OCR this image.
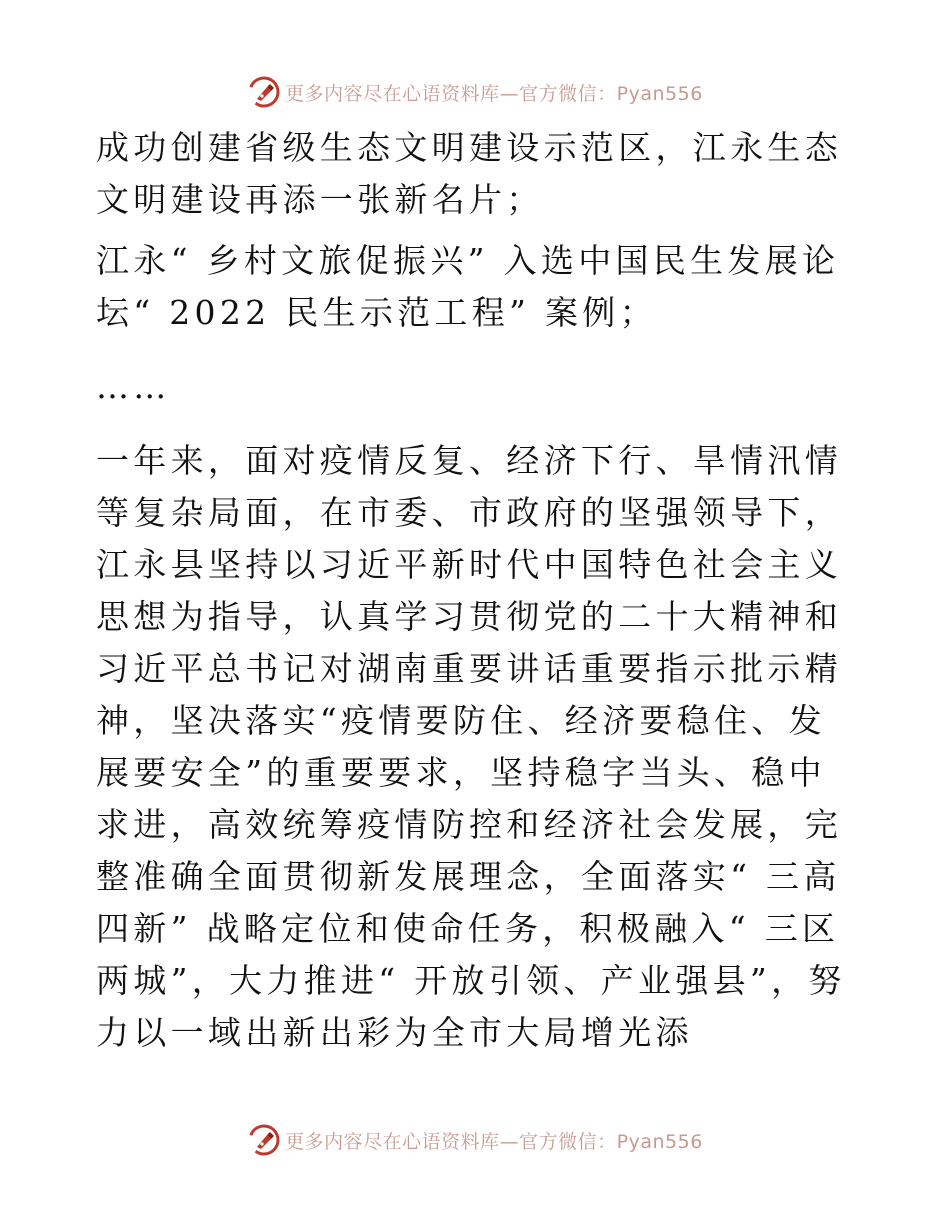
更多内容尽在心语资料库—官方微信：Pyan556

成功创建省级生态文明建设示范区，江永生态文明建设再添一张新名片；

江永“ 乡村文旅促振兴” 入选中国民生发展论坛“ 2022 民生示范工程” 案例；

……

一年来，面对疫情反复、经济下行、旱情汛情等复杂局面，在市委、市政府的坚强领导下，江永县坚持以习近平新时代中国特色社会主义思想为指导，认真学习贯彻党的二十大精神和习近平总书记对湖南重要讲话重要指示批示精神，坚决落实“疫情要防住、经济要稳住、发展要安全”的重要要求，坚持稳字当头、稳中求进，高效统筹疫情防控和经济社会发展，完整准确全面贯彻新发展理念，全面落实“ 三高四新” 战略定位和使命任务，积极融入“ 三区两城”，大力推进“ 开放引领、产业强县”，努力以一域出新出彩为全市大局增光添

更多内容尽在心语资料库—官方微信：Pyan556
